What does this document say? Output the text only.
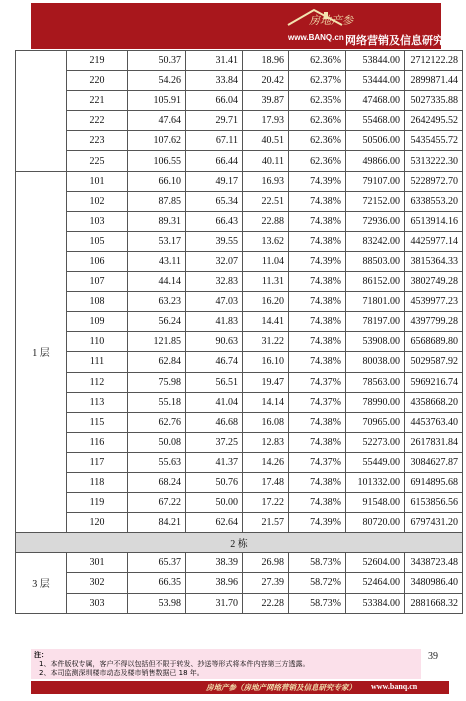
房地产参
www.BANQ.cn 网络营销及信息研究专家
	219	50.37	31.41	18.96	62.36%	53844.00	2712122.28
	220	54.26	33.84	20.42	62.37%	53444.00	2899871.44
	221	105.91	66.04	39.87	62.35%	47468.00	5027335.88
	222	47.64	29.71	17.93	62.36%	55468.00	2642495.52
	223	107.62	67.11	40.51	62.36%	50506.00	5435455.72
	225	106.55	66.44	40.11	62.36%	49866.00	5313222.30
1 层	101	66.10	49.17	16.93	74.39%	79107.00	5228972.70
	102	87.85	65.34	22.51	74.38%	72152.00	6338553.20
	103	89.31	66.43	22.88	74.38%	72936.00	6513914.16
	105	53.17	39.55	13.62	74.38%	83242.00	4425977.14
	106	43.11	32.07	11.04	74.39%	88503.00	3815364.33
	107	44.14	32.83	11.31	74.38%	86152.00	3802749.28
	108	63.23	47.03	16.20	74.38%	71801.00	4539977.23
	109	56.24	41.83	14.41	74.38%	78197.00	4397799.28
	110	121.85	90.63	31.22	74.38%	53908.00	6568689.80
	111	62.84	46.74	16.10	74.38%	80038.00	5029587.92
	112	75.98	56.51	19.47	74.37%	78563.00	5969216.74
	113	55.18	41.04	14.14	74.37%	78990.00	4358668.20
	115	62.76	46.68	16.08	74.38%	70965.00	4453763.40
	116	50.08	37.25	12.83	74.38%	52273.00	2617831.84
	117	55.63	41.37	14.26	74.37%	55449.00	3084627.87
	118	68.24	50.76	17.48	74.38%	101332.00	6914895.68
	119	67.22	50.00	17.22	74.38%	91548.00	6153856.56
	120	84.21	62.64	21.57	74.39%	80720.00	6797431.20
2 栋							
3 层	301	65.37	38.39	26.98	58.73%	52604.00	3438723.48
	302	66.35	38.96	27.39	58.72%	52464.00	3480986.40
	303	53.98	31.70	22.28	58.73%	53384.00	2881668.32
注：
1、本件版权专属，客户不得以包括但不限于转发、抄送等形式将本件内容第三方透露。
2、本司监测深圳楼市动态及楼市销售数据已 18 年。
39
房地产参（房地产网络营销及信息研究专家） www.banq.cn
